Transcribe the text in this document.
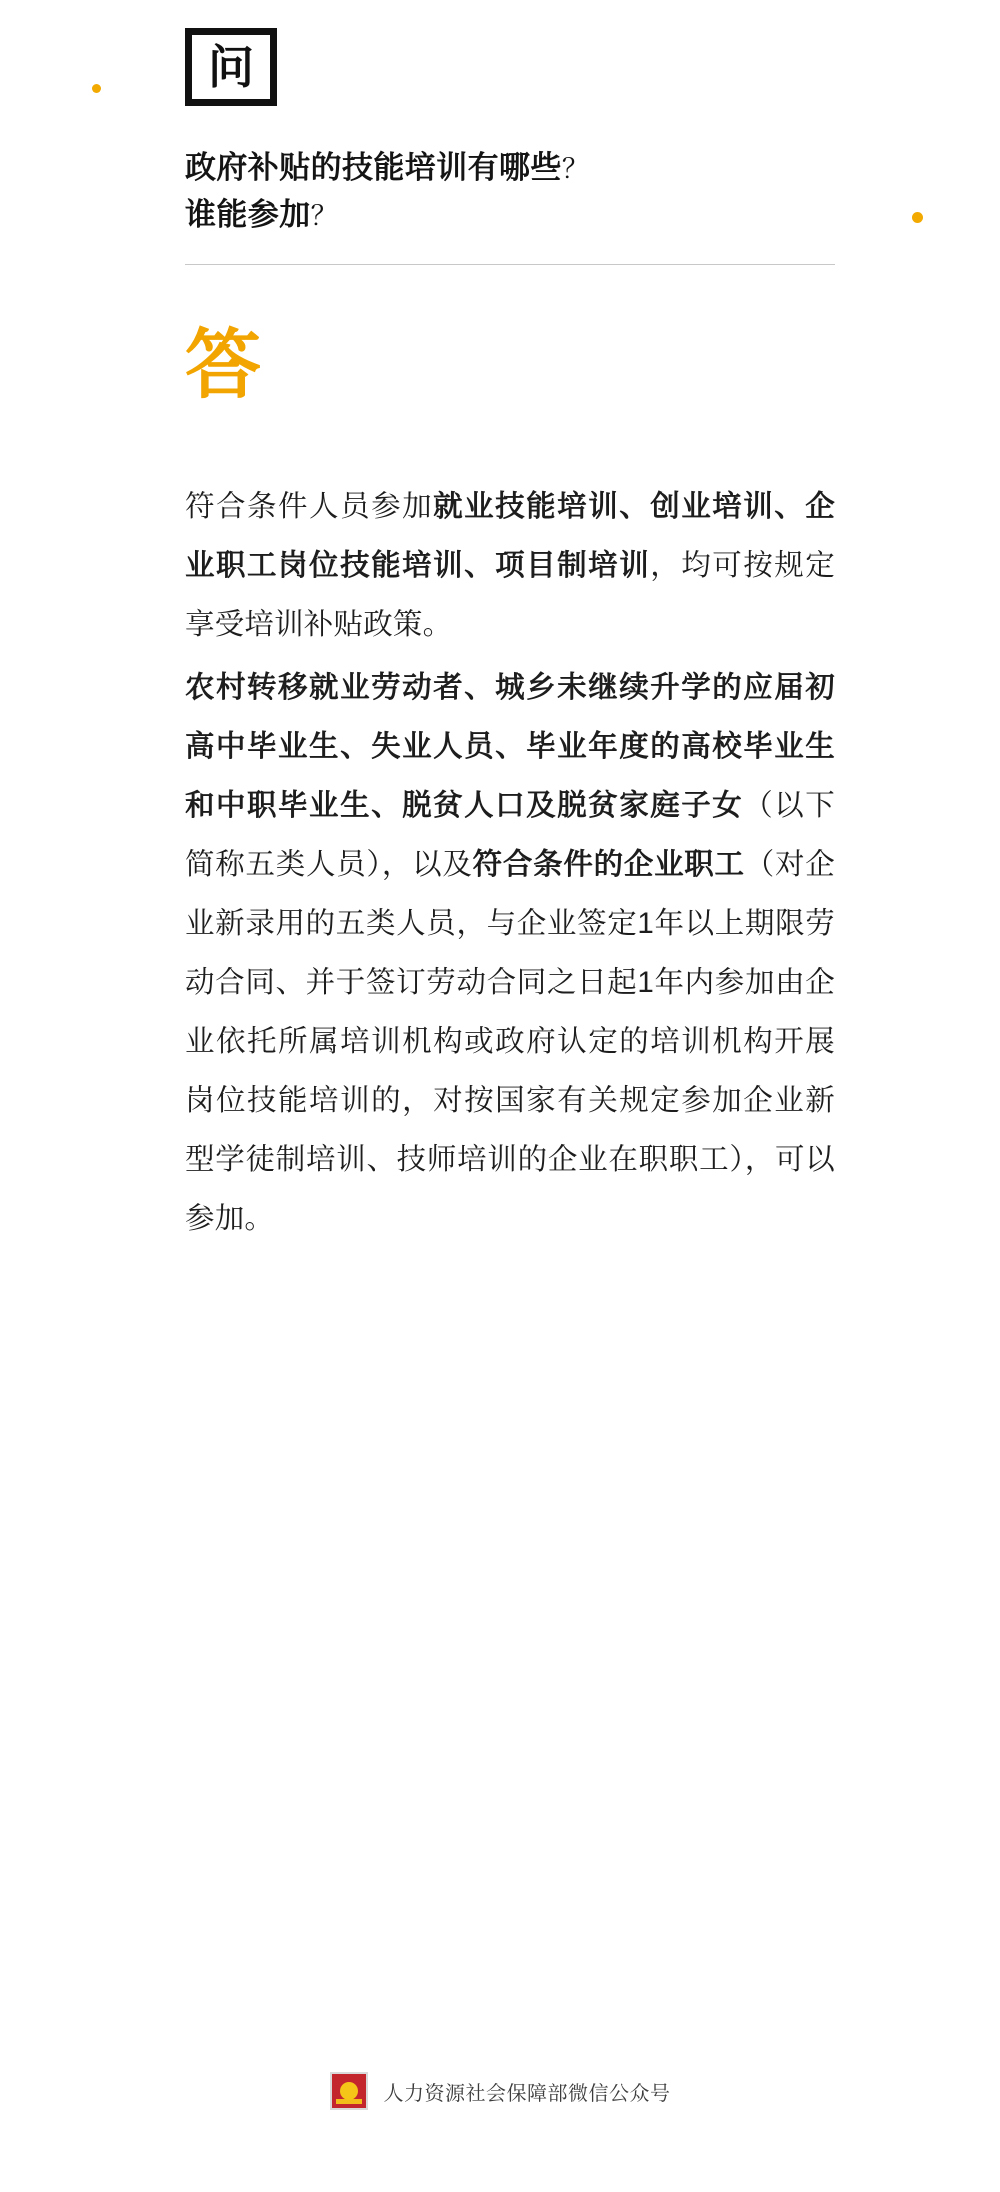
问
政府补贴的技能培训有哪些？
谁能参加？
答

符合条件人员参加就业技能培训、创业培训、企业职工岗位技能培训、项目制培训，均可按规定享受培训补贴政策。

农村转移就业劳动者、城乡未继续升学的应届初高中毕业生、失业人员、毕业年度的高校毕业生和中职毕业生、脱贫人口及脱贫家庭子女（以下简称五类人员），以及符合条件的企业职工（对企业新录用的五类人员，与企业签定1年以上期限劳动合同、并于签订劳动合同之日起1年内参加由企业依托所属培训机构或政府认定的培训机构开展岗位技能培训的，对按国家有关规定参加企业新型学徒制培训、技师培训的企业在职职工），可以参加。

人力资源社会保障部微信公众号
